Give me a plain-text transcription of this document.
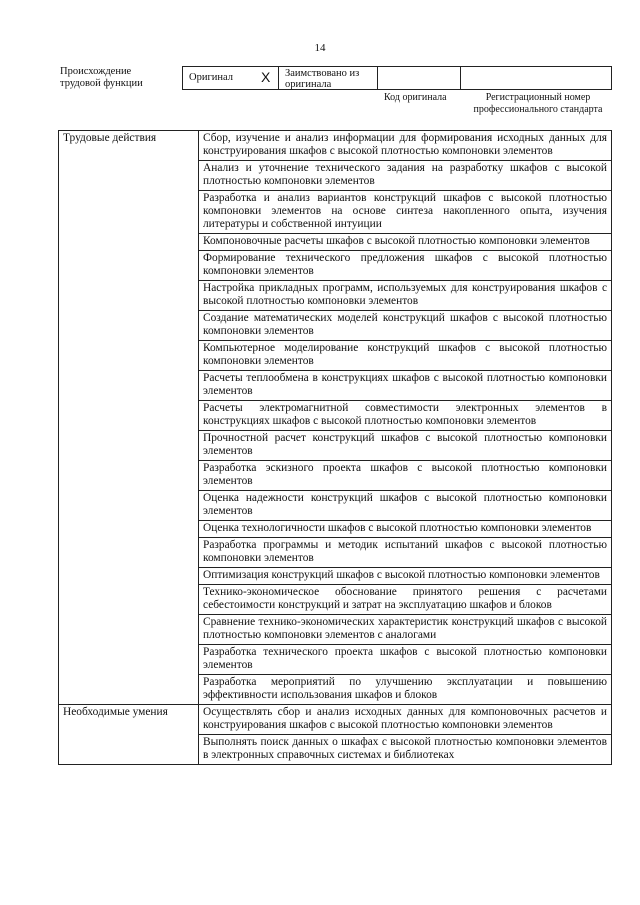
14
Происхождение
трудовой функции
Оригинал X Заимствовано из
оригинала
Код оригинала	Регистрационный номер
профессионального стандарта
Трудовые действия	Сбор, изучение и анализ информации для формирования исходных данных для конструирования шкафов с высокой плотностью компоновки элементов
	Анализ и уточнение технического задания на разработку шкафов с высокой плотностью компоновки элементов
	Разработка и анализ вариантов конструкций шкафов с высокой плотностью компоновки элементов на основе синтеза накопленного опыта, изучения литературы и собственной интуиции
	Компоновочные расчеты шкафов с высокой плотностью компоновки элементов
	Формирование технического предложения шкафов с высокой плотностью компоновки элементов
	Настройка прикладных программ, используемых для конструирования шкафов с высокой плотностью компоновки элементов
	Создание математических моделей конструкций шкафов с высокой плотностью компоновки элементов
	Компьютерное моделирование конструкций шкафов с высокой плотностью компоновки элементов
	Расчеты теплообмена в конструкциях шкафов с высокой плотностью компоновки элементов
	Расчеты электромагнитной совместимости электронных элементов в конструкциях шкафов с высокой плотностью компоновки элементов
	Прочностной расчет конструкций шкафов с высокой плотностью компоновки элементов
	Разработка эскизного проекта шкафов с высокой плотностью компоновки элементов
	Оценка надежности конструкций шкафов с высокой плотностью компоновки элементов
	Оценка технологичности шкафов с высокой плотностью компоновки элементов
	Разработка программы и методик испытаний шкафов с высокой плотностью компоновки элементов
	Оптимизация конструкций шкафов с высокой плотностью компоновки элементов
	Технико-экономическое обоснование принятого решения с расчетами себестоимости конструкций и затрат на эксплуатацию шкафов и блоков
	Сравнение технико-экономических характеристик конструкций шкафов с высокой плотностью компоновки элементов с аналогами
	Разработка технического проекта шкафов с высокой плотностью компоновки элементов
	Разработка мероприятий по улучшению эксплуатации и повышению эффективности использования шкафов и блоков
Необходимые умения	Осуществлять сбор и анализ исходных данных для компоновочных расчетов и конструирования шкафов с высокой плотностью компоновки элементов
	Выполнять поиск данных о шкафах с высокой плотностью компоновки элементов в электронных справочных системах и библиотеках
